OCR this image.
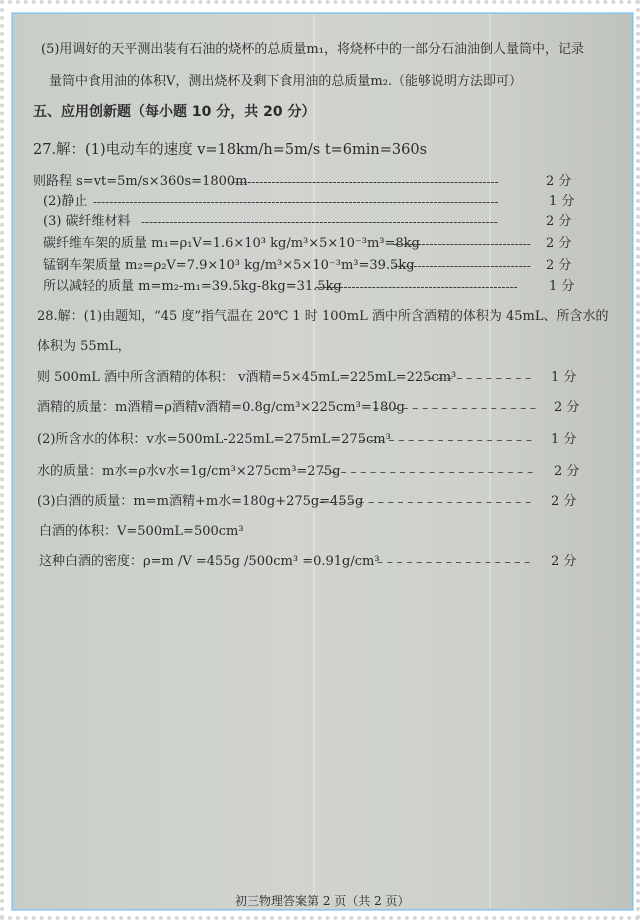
(5)用调好的天平测出装有石油的烧杯的总质量m₁，将烧杯中的一部分石油油倒人量筒中，记录
量筒中食用油的体积V，测出烧杯及剩下食用油的总质量m₂.（能够说明方法即可）
五、应用创新题（每小题 10 分，共 20 分）
27.解：(1)电动车的速度 v=18km/h=5m/s t=6min=360s
则路程 s=vt=5m/s×360s=1800m
------------------------------------------------------------------	2 分
(2)静止 ----------------------------------------------------------------------------------------------------	1 分
(3) 碳纤维材料 ----------------------------------------------------------------------------------------	2 分
碳纤维车架的质量 m₁=ρ₁V=1.6×10³ kg/m³×5×10⁻³m³=8kg
----------------------------------	2 分
锰钢车架质量 m₂=ρ₂V=7.9×10³ kg/m³×5×10⁻³m³=39.5kg
----------------------------------	2 分
所以减轻的质量 m=m₂-m₁=39.5kg-8kg=31.5kg
--------------------------------------------------	1 分
28.解：(1)由题知，“45 度”指气温在 20℃ 1 时 100mL 酒中所含酒精的体积为 45mL、所含水的
体积为 55mL，
则 500mL 酒中所含酒精的体积： v酒精=5×45mL=225mL=225cm³
– – – – – – – – – – –	1 分
酒精的质量：m酒精=ρ酒精v酒精=0.8g/cm³×225cm³=180g
– – – – – – – – – – – – – – – – –	2 分
(2)所含水的体积：v水=500mL-225mL=275mL=275cm³
– – – – – – – – – – – – – – – – – –	1 分
水的质量：m水=ρ水v水=1g/cm³×275cm³=275g
– – – – – – – – – – – – – – – – – – – – – –	2 分
(3)白酒的质量：m=m酒精+m水=180g+275g=455g
– – – – – – – – – – – – – – – – – – – – – –	2 分
白酒的体积：V=500mL=500cm³
这种白酒的密度：ρ=m /V =455g /500cm³ =0.91g/cm³
– – – – – – – – – – – – – – – –	2 分
初三物理答案第 2 页（共 2 页）
